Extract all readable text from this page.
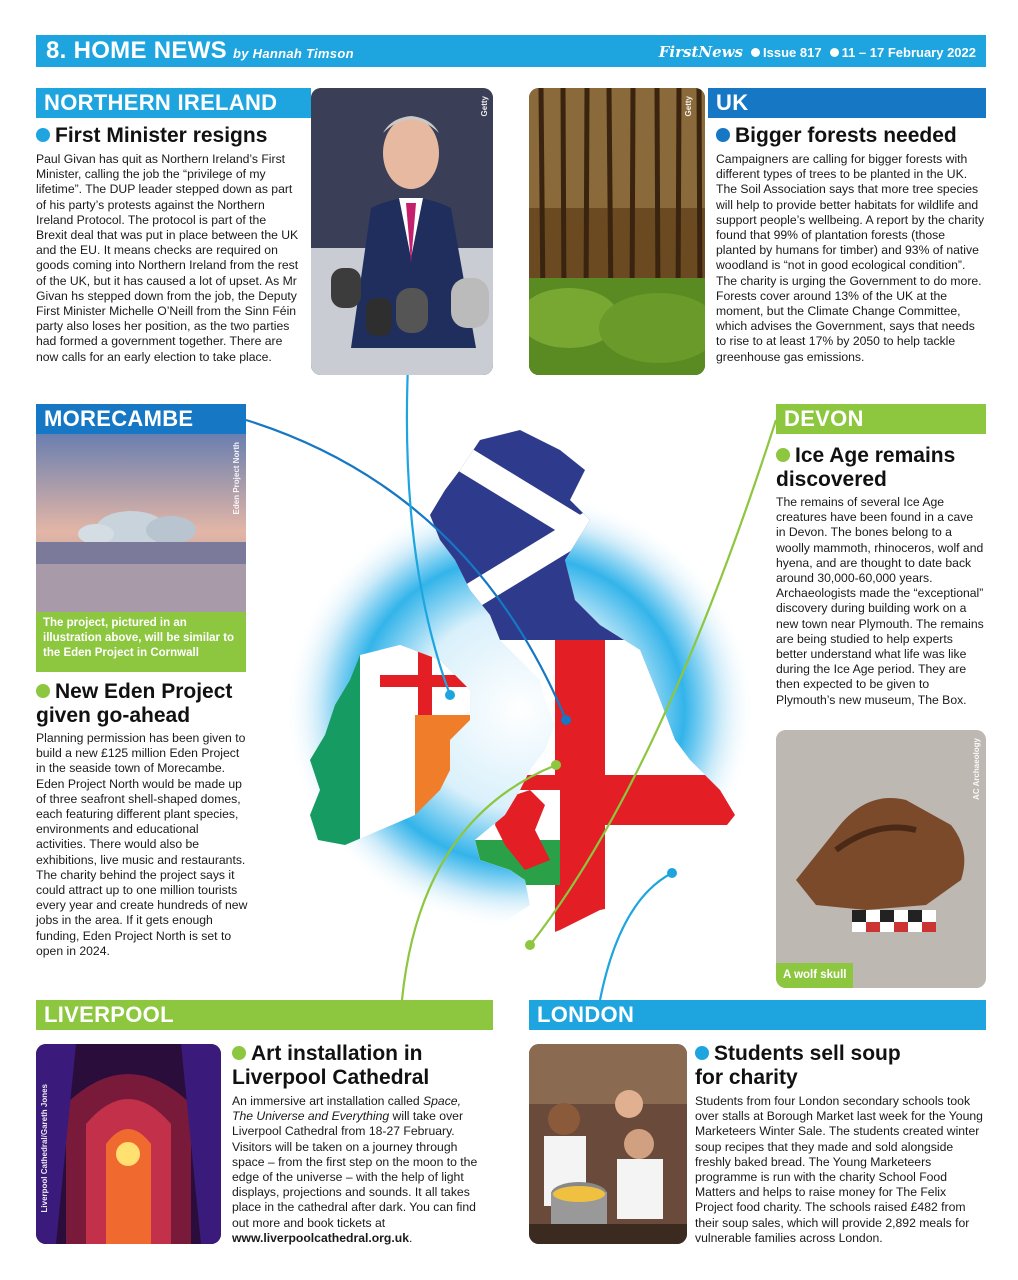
8. HOME NEWS by Hannah Timson	FirstNews	Issue 817	11 – 17 February 2022
NORTHERN IRELAND
First Minister resigns
Paul Givan has quit as Northern Ireland’s First Minister, calling the job the “privilege of my lifetime”. The DUP leader stepped down as part of his party’s protests against the Northern Ireland Protocol. The protocol is part of the Brexit deal that was put in place between the UK and the EU. It means checks are required on goods coming into Northern Ireland from the rest of the UK, but it has caused a lot of upset. As Mr Givan hs stepped down from the job, the Deputy First Minister Michelle O’Neill from the Sinn Féin party also loses her position, as the two parties had formed a government together. There are now calls for an early election to take place.
Getty	Getty	UK
Bigger forests needed
Campaigners are calling for bigger forests with different types of trees to be planted in the UK. The Soil Association says that more tree species will help to provide better habitats for wildlife and support people’s wellbeing. A report by the charity found that 99% of plantation forests (those planted by humans for timber) and 93% of native woodland is “not in good ecological condition”. The charity is urging the Government to do more. Forests cover around 13% of the UK at the moment, but the Climate Change Committee, which advises the Government, says that needs to rise to at least 17% by 2050 to help tackle greenhouse gas emissions.
MORECAMBE
Eden Project North
The project, pictured in an illustration above, will be similar to the Eden Project in Cornwall
New Eden Project
given go-ahead
Planning permission has been given to build a new £125 million Eden Project in the seaside town of Morecambe. Eden Project North would be made up of three seafront shell-shaped domes, each featuring different plant species, environments and educational activities. There would also be exhibitions, live music and restaurants. The charity behind the project says it could attract up to one million tourists every year and create hundreds of new jobs in the area. If it gets enough funding, Eden Project North is set to open in 2024.
DEVON
Ice Age remains
discovered
The remains of several Ice Age creatures have been found in a cave in Devon. The bones belong to a woolly mammoth, rhinoceros, wolf and hyena, and are thought to date back around 30,000-60,000 years. Archaeologists made the “exceptional” discovery during building work on a new town near Plymouth. The remains are being studied to help experts better understand what life was like during the Ice Age period. They are then expected to be given to Plymouth’s new museum, The Box.
AC Archaeology
A wolf skull
LIVERPOOL
Liverpool Cathedral/Gareth Jones
Art installation in
Liverpool Cathedral
An immersive art installation called Space, The Universe and Everything will take over Liverpool Cathedral from 18-27 February. Visitors will be taken on a journey through space – from the first step on the moon to the edge of the universe – with the help of light displays, projections and sounds. It all takes place in the cathedral after dark. You can find out more and book tickets at www.liverpoolcathedral.org.uk.
LONDON
Students sell soup
for charity
Students from four London secondary schools took over stalls at Borough Market last week for the Young Marketeers Winter Sale. The students created winter soup recipes that they made and sold alongside freshly baked bread. The Young Marketeers programme is run with the charity School Food Matters and helps to raise money for The Felix Project food charity. The schools raised £482 from their soup sales, which will provide 2,892 meals for vulnerable families across London.
